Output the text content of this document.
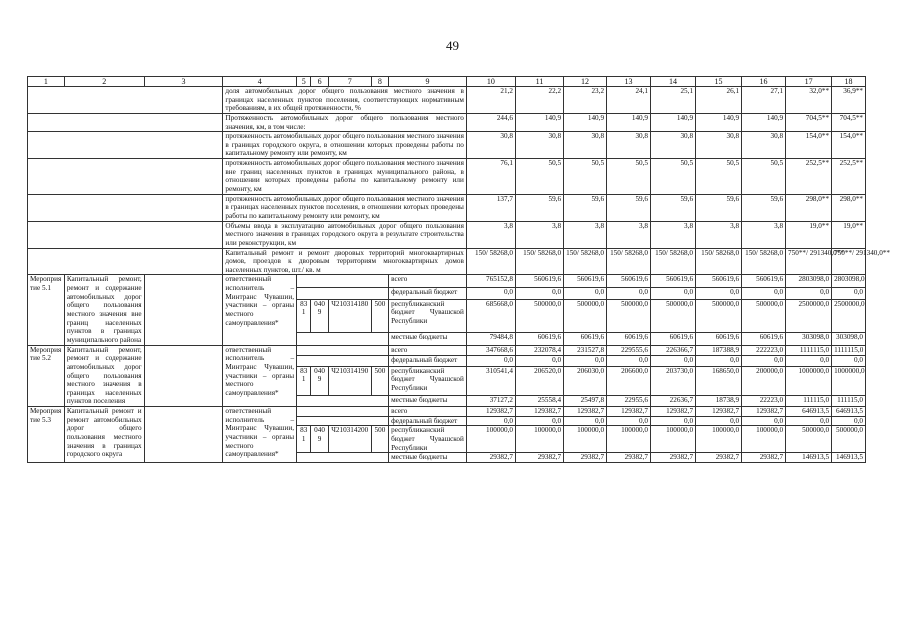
49
1	2	3	4	5	6	7	8	9	10	11	12	13	14	15	16	17	18
			доля автомобильных дорог общего пользования местного значения в границах населенных пунктов поселения, соответствующих нормативным требованиям, в их общей протяженности, %						21,2	22,2	23,2	24,1	25,1	26,1	27,1	32,0**	36,9**
			Протяженность автомобильных дорог общего пользования местного значения, км, в том числе:						244,6	140,9	140,9	140,9	140,9	140,9	140,9	704,5**	704,5**
			протяженность автомобильных дорог общего пользования местного значения в границах городского округа, в отношении которых проведены работы по капитальному ремонту или ремонту, км						30,8	30,8	30,8	30,8	30,8	30,8	30,8	154,0**	154,0**
			протяженность автомобильных дорог общего пользования местного значения вне границ населенных пунктов в границах муниципального района, в отношении которых проведены работы по капитальному ремонту или ремонту, км						76,1	50,5	50,5	50,5	50,5	50,5	50,5	252,5**	252,5**
			протяженность автомобильных дорог общего пользования местного значения в границах населенных пунктов поселения, в отношении которых проведены работы по капитальному ремонту или ремонту, км						137,7	59,6	59,6	59,6	59,6	59,6	59,6	298,0**	298,0**
			Объемы ввода в эксплуатацию автомобильных дорог общего пользования местного значения в границах городского округа в результате строительства или реконструкции, км						3,8	3,8	3,8	3,8	3,8	3,8	3,8	19,0**	19,0**
			Капитальный ремонт и ремонт дворовых территорий многоквартирных домов, проездов к дворовым территориям многоквартирных домов населенных пунктов, шт./ кв. м						150/ 58268,0	150/ 58268,0	150/ 58268,0	150/ 58268,0	150/ 58268,0	150/ 58268,0	150/ 58268,0	750**/ 291340,0**	750**/ 291340,0**
Мероприятие 5.1	Капитальный ремонт, ремонт и содержание автомобильных дорог общего пользования местного значения вне границ населенных пунктов в границах муниципального района		ответственный исполнитель – Минтранс Чувашии, участники – органы местного самоуправления*					всего	765152,8	560619,6	560619,6	560619,6	560619,6	560619,6	560619,6	2803098,0	2803098,0
								федеральный бюджет	0,0	0,0	0,0	0,0	0,0	0,0	0,0	0,0	0,0
				831	0409	Ч210314180	500	республиканский бюджет Чувашской Республики	685668,0	500000,0	500000,0	500000,0	500000,0	500000,0	500000,0	2500000,0	2500000,0
								местные бюджеты	79484,8	60619,6	60619,6	60619,6	60619,6	60619,6	60619,6	303098,0	303098,0
Мероприятие 5.2	Капитальный ремонт, ремонт и содержание автомобильных дорог общего пользования местного значения в границах населенных пунктов поселения		ответственный исполнитель – Минтранс Чувашии, участники – органы местного самоуправления*					всего	347668,6	232078,4	231527,8	229555,6	226366,7	187388,9	222223,0	1111115,0	1111115,0
								федеральный бюджет	0,0	0,0	0,0	0,0	0,0	0,0	0,0	0,0	0,0
				831	0409	Ч210314190	500	республиканский бюджет Чувашской Республики	310541,4	206520,0	206030,0	206600,0	203730,0	168650,0	200000,0	1000000,0	1000000,0
								местные бюджеты	37127,2	25558,4	25497,8	22955,6	22636,7	18738,9	22223,0	111115,0	111115,0
Мероприятие 5.3	Капитальный ремонт и ремонт автомобильных дорог общего пользования местного значения в границах городского округа		ответственный исполнитель – Минтранс Чувашии, участники – органы местного самоуправления*					всего	129382,7	129382,7	129382,7	129382,7	129382,7	129382,7	129382,7	646913,5	646913,5
								федеральный бюджет	0,0	0,0	0,0	0,0	0,0	0,0	0,0	0,0	0,0
				831	0409	Ч210314200	500	республиканский бюджет Чувашской Республики	100000,0	100000,0	100000,0	100000,0	100000,0	100000,0	100000,0	500000,0	500000,0
								местные бюджеты	29382,7	29382,7	29382,7	29382,7	29382,7	29382,7	29382,7	146913,5	146913,5
